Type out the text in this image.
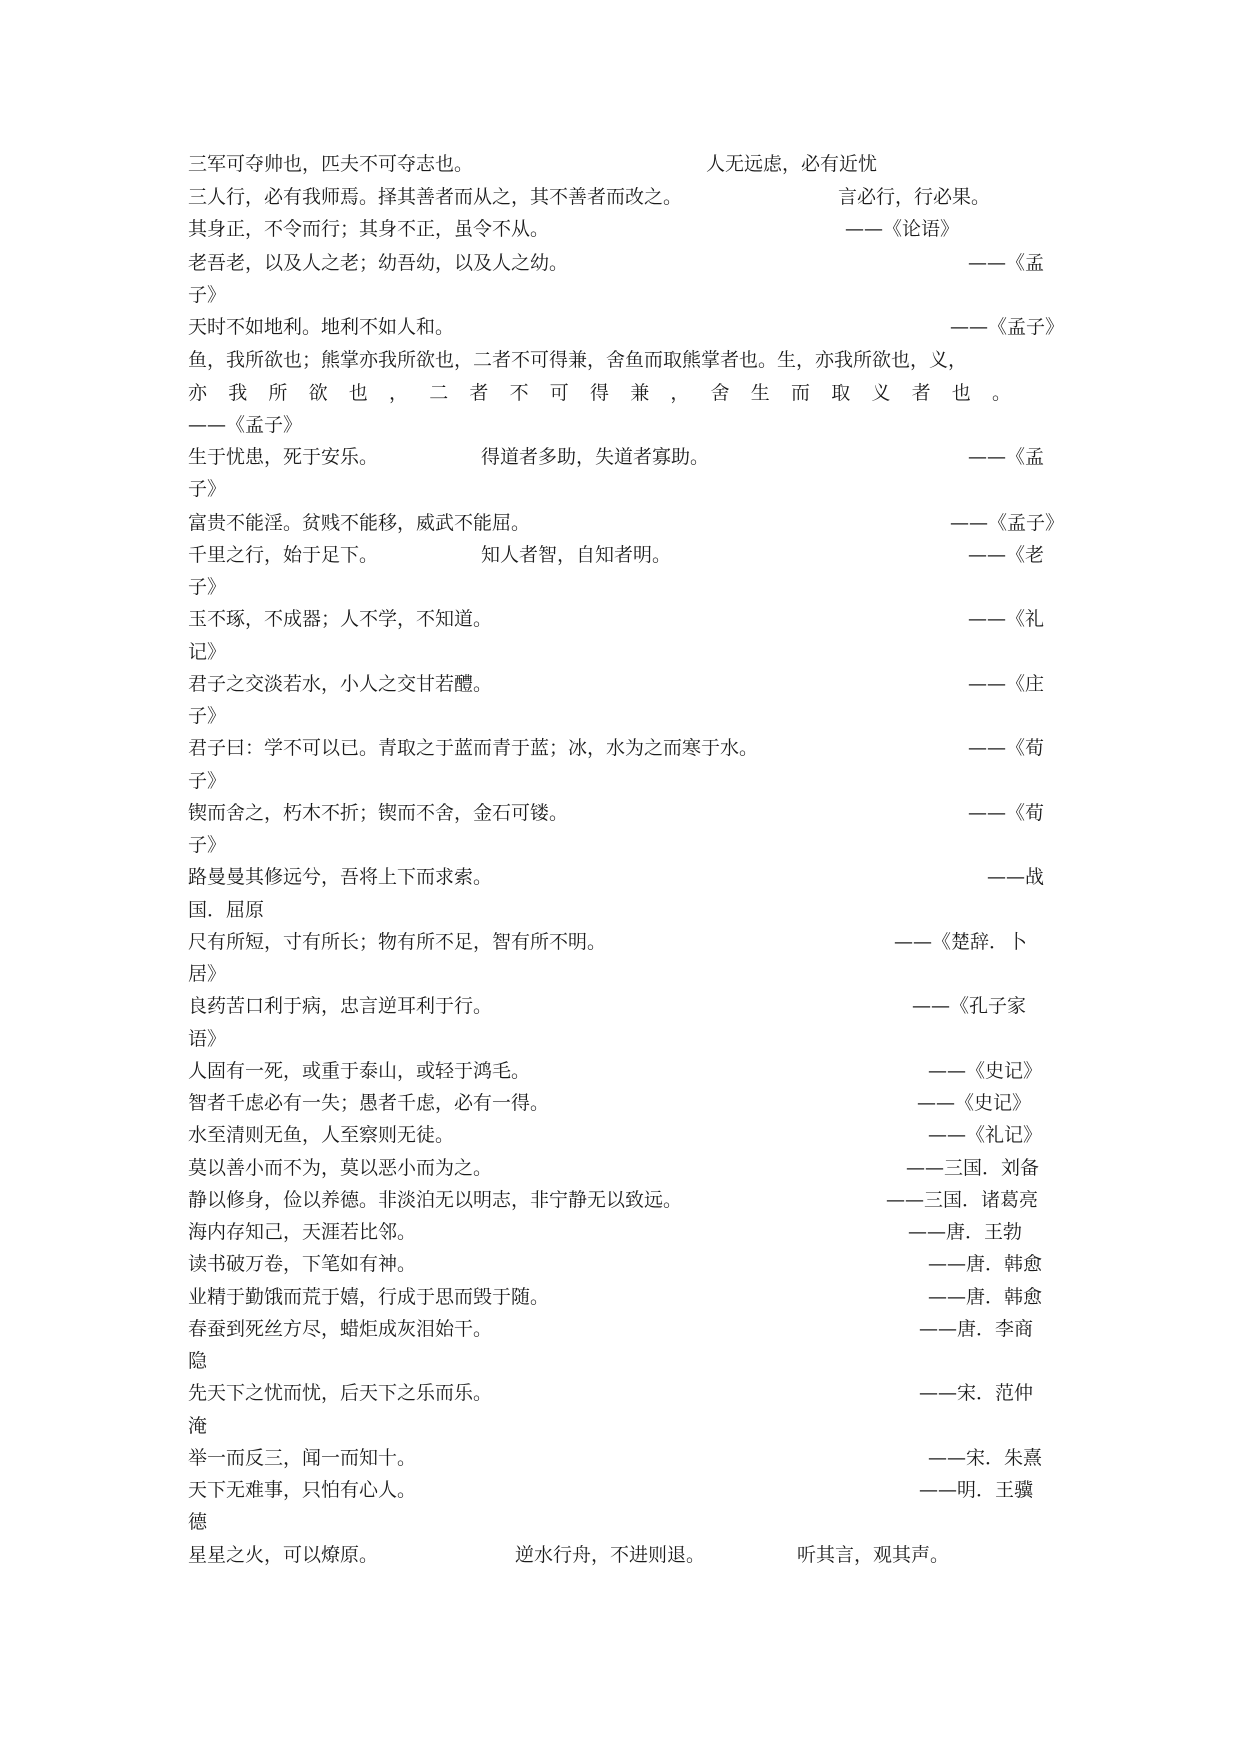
三军可夺帅也，匹夫不可夺志也。	人无远虑，必有近忧
三人行，必有我师焉。择其善者而从之，其不善者而改之。	言必行，行必果。
其身正，不令而行；其身不正，虽令不从。	——《论语》
老吾老，以及人之老；幼吾幼，以及人之幼。	——《孟
子》
天时不如地利。地利不如人和。	——《孟子》
鱼，我所欲也；熊掌亦我所欲也，二者不可得兼，舍鱼而取熊掌者也。生，亦我所欲也，义，
亦我所欲也，二者不可得兼，舍生而取义者也。
——《孟子》
生于忧患，死于安乐。	得道者多助，失道者寡助。	——《孟
子》
富贵不能淫。贫贱不能移，威武不能屈。	——《孟子》
千里之行，始于足下。	知人者智，自知者明。	——《老
子》
玉不琢，不成器；人不学，不知道。	——《礼
记》
君子之交淡若水，小人之交甘若醴。	——《庄
子》
君子曰：学不可以已。青取之于蓝而青于蓝；冰，水为之而寒于水。	——《荀
子》
锲而舍之，朽木不折；锲而不舍，金石可镂。	——《荀
子》
路曼曼其修远兮，吾将上下而求索。	——战
国．屈原
尺有所短，寸有所长；物有所不足，智有所不明。	——《楚辞．卜
居》
良药苦口利于病，忠言逆耳利于行。	——《孔子家
语》
人固有一死，或重于泰山，或轻于鸿毛。	——《史记》
智者千虑必有一失；愚者千虑，必有一得。	——《史记》
水至清则无鱼，人至察则无徒。	——《礼记》
莫以善小而不为，莫以恶小而为之。	——三国．刘备
静以修身，俭以养德。非淡泊无以明志，非宁静无以致远。	——三国．诸葛亮
海内存知己，天涯若比邻。	——唐．王勃
读书破万卷，下笔如有神。	——唐．韩愈
业精于勤饿而荒于嬉，行成于思而毁于随。	——唐．韩愈
春蚕到死丝方尽，蜡炬成灰泪始干。	——唐．李商
隐
先天下之忧而忧，后天下之乐而乐。	——宋．范仲
淹
举一而反三，闻一而知十。	——宋．朱熹
天下无难事，只怕有心人。	——明．王骥
德
星星之火，可以燎原。	逆水行舟，不进则退。	听其言，观其声。
